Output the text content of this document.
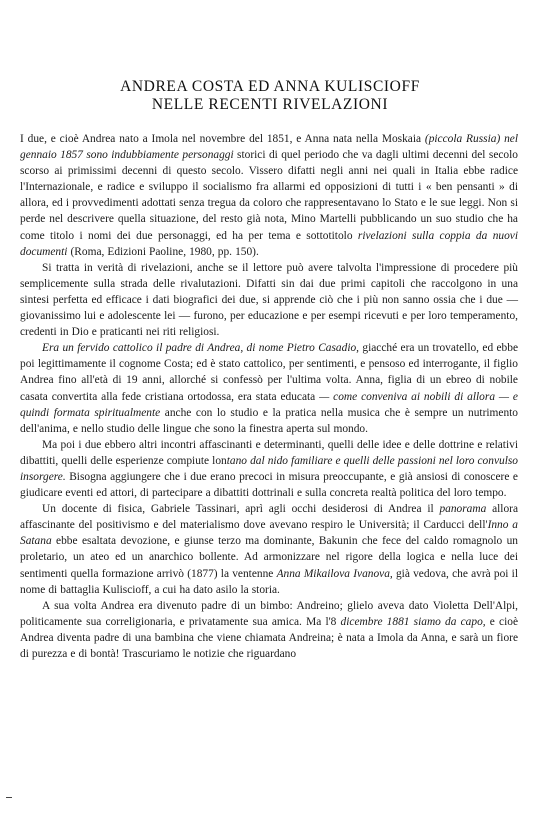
ANDREA COSTA ED ANNA KULISCIOFF
NELLE RECENTI RIVELAZIONI

I due, e cioè Andrea nato a Imola nel novembre del 1851, e Anna nata nella Moskaia (piccola Russia) nel gennaio 1857 sono indubbiamente personaggi storici di quel periodo che va dagli ultimi decenni del secolo scorso ai primissimi decenni di questo secolo. Vissero difatti negli anni nei quali in Italia ebbe radice l'Internazionale, e radice e sviluppo il socialismo fra allarmi ed opposizioni di tutti i « ben pensanti » di allora, ed i provvedimenti adottati senza tregua da coloro che rappresentavano lo Stato e le sue leggi. Non si perde nel descrivere quella situazione, del resto già nota, Mino Martelli pubblicando un suo studio che ha come titolo i nomi dei due personaggi, ed ha per tema e sottotitolo rivelazioni sulla coppia da nuovi documenti (Roma, Edizioni Paoline, 1980, pp. 150).

Si tratta in verità di rivelazioni, anche se il lettore può avere talvolta l'impressione di procedere più semplicemente sulla strada delle rivalutazioni. Difatti sin dai due primi capitoli che raccolgono in una sintesi perfetta ed efficace i dati biografici dei due, si apprende ciò che i più non sanno ossia che i due — giovanissimo lui e adolescente lei — furono, per educazione e per esempi ricevuti e per loro temperamento, credenti in Dio e praticanti nei riti religiosi.

Era un fervido cattolico il padre di Andrea, di nome Pietro Casadio, giacché era un trovatello, ed ebbe poi legittimamente il cognome Costa; ed è stato cattolico, per sentimenti, e pensoso ed interrogante, il figlio Andrea fino all'età di 19 anni, allorché si confessò per l'ultima volta. Anna, figlia di un ebreo di nobile casata convertita alla fede cristiana ortodossa, era stata educata — come conveniva ai nobili di allora — e quindi formata spiritualmente anche con lo studio e la pratica nella musica che è sempre un nutrimento dell'anima, e nello studio delle lingue che sono la finestra aperta sul mondo.

Ma poi i due ebbero altri incontri affascinanti e determinanti, quelli delle idee e delle dottrine e relativi dibattiti, quelli delle esperienze compiute lontano dal nido familiare e quelli delle passioni nel loro convulso insorgere. Bisogna aggiungere che i due erano precoci in misura preoccupante, e già ansiosi di conoscere e giudicare eventi ed attori, di partecipare a dibattiti dottrinali e sulla concreta realtà politica del loro tempo.

Un docente di fisica, Gabriele Tassinari, aprì agli occhi desiderosi di Andrea il panorama allora affascinante del positivismo e del materialismo dove avevano respiro le Università; il Carducci dell'Inno a Satana ebbe esaltata devozione, e giunse terzo ma dominante, Bakunin che fece del caldo romagnolo un proletario, un ateo ed un anarchico bollente. Ad armonizzare nel rigore della logica e nella luce dei sentimenti quella formazione arrivò (1877) la ventenne Anna Mikailova Ivanova, già vedova, che avrà poi il nome di battaglia Kuliscioff, a cui ha dato asilo la storia.

A sua volta Andrea era divenuto padre di un bimbo: Andreino; glielo aveva dato Violetta Dell'Alpi, politicamente sua correligionaria, e privatamente sua amica. Ma l'8 dicembre 1881 siamo da capo, e cioè Andrea diventa padre di una bambina che viene chiamata Andreina; è nata a Imola da Anna, e sarà un fiore di purezza e di bontà! Trascuriamo le notizie che riguardano
